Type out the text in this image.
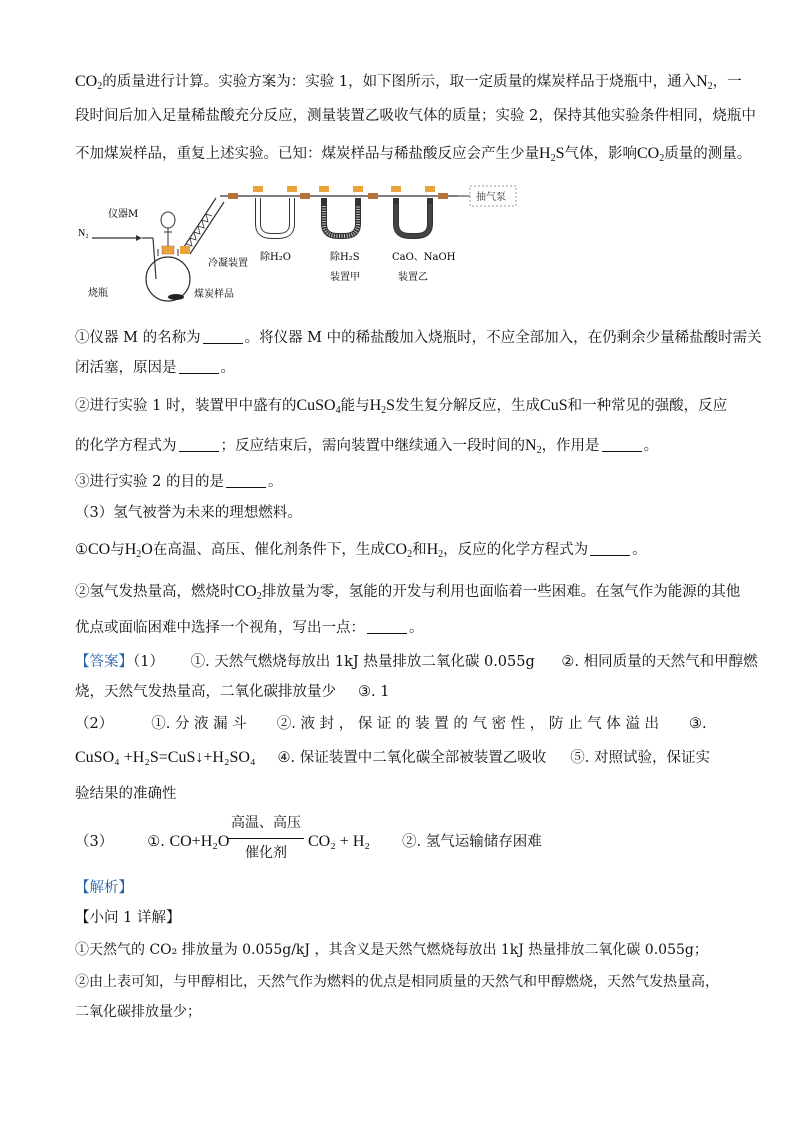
$CO_2$的质量进行计算。实验方案为：实验 1，如下图所示，取一定质量的煤炭样品于烧瓶中，通入$N_2$，一
段时间后加入足量稀盐酸充分反应，测量装置乙吸收气体的质量；实验 2，保持其他实验条件相同，烧瓶中
不加煤炭样品，重复上述实验。已知：煤炭样品与稀盐酸反应会产生少量$H_2S$气体，影响$CO_2$质量的测量。
N₂
仪器M
冷凝装置
烧瓶	煤炭样品
除H₂O	除H₂S
装置甲
CaO、NaOH
装置乙
抽气泵
①仪器 M 的名称为	。将仪器 M 中的稀盐酸加入烧瓶时，不应全部加入，在仍剩余少量稀盐酸时需关
闭活塞，原因是	。
②进行实验 1 时，装置甲中盛有的CuSO$_4$能与$H_2S$发生复分解反应，生成CuS和一种常见的强酸，反应
的化学方程式为	；反应结束后，需向装置中继续通入一段时间的$N_2$，作用是	。
③进行实验 2 的目的是	。
（3）氢气被誉为未来的理想燃料。
①CO与$H_2O$在高温、高压、催化剂条件下，生成$CO_2$和$H_2$，反应的化学方程式为	。
②氢气发热量高，燃烧时$CO_2$排放量为零，氢能的开发与利用也面临着一些困难。在氢气作为能源的其他
优点或面临困难中选择一个视角，写出一点：	。
【答案】（1） ①. 天然气燃烧每放出 1kJ 热量排放二氧化碳 0.055g ②. 相同质量的天然气和甲醇燃
烧，天然气发热量高，二氧化碳排放量少 ③. 1
（2）	①. 分 液 漏 斗 ②. 液 封 ， 保 证 的 装 置 的 气 密 性 ， 防 止 气 体 溢 出 ③.
CuSO₄ +H₂S=CuS↓+H₂SO₄ ④. 保证装置中二氧化碳全部被装置乙吸收 ⑤. 对照试验，保证实
验结果的准确性
（3） ①. CO+H₂O
高温、高压
催化剂
CO₂ + H₂ ②. 氢气运输储存困难
【解析】
【小问 1 详解】
①天然气的 CO₂ 排放量为 0.055g/kJ ，其含义是天然气燃烧每放出 1kJ 热量排放二氧化碳 0.055g；
②由上表可知，与甲醇相比，天然气作为燃料的优点是相同质量的天然气和甲醇燃烧，天然气发热量高，
二氧化碳排放量少；
